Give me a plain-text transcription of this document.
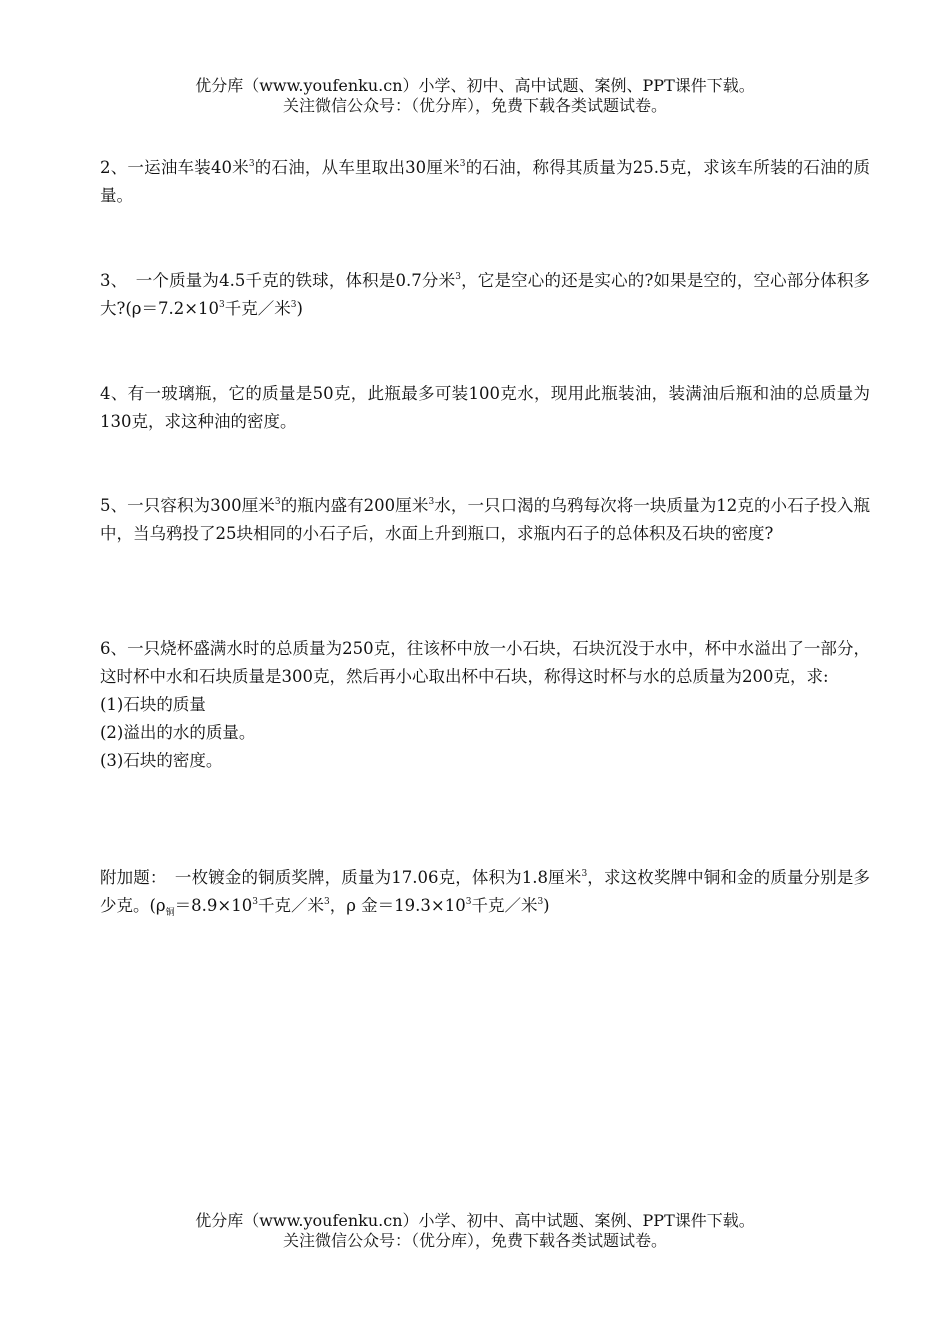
优分库（www.youfenku.cn）小学、初中、高中试题、案例、PPT课件下载。
关注微信公众号：（优分库），免费下载各类试题试卷。

2、一运油车装40米$^3$的石油，从车里取出30厘米$^3$的石油，称得其质量为25.5克，求该车所装的石油的质量。

3、　一个质量为4.5千克的铁球，体积是0.7分米$^3$，它是空心的还是实心的?如果是空的，空心部分体积多大$?(\rho=7.2\times 10^3$千克／米$^3$)

4、有一玻璃瓶，它的质量是50克，此瓶最多可装100克水，现用此瓶装油，装满油后瓶和油的总质量为130克，求这种油的密度。

5、一只容积为300厘米$^3$的瓶内盛有200厘米$^3$水，一只口渴的乌鸦每次将一块质量为12克的小石子投入瓶中，当乌鸦投了25块相同的小石子后，水面上升到瓶口，求瓶内石子的总体积及石块的密度?

6、一只烧杯盛满水时的总质量为250克，往该杯中放一小石块，石块沉没于水中，杯中水溢出了一部分，这时杯中水和石块质量是300克，然后再小心取出杯中石块，称得这时杯与水的总质量为200克，求:

(1)石块的质量

(2)溢出的水的质量。

(3)石块的密度。

附加题：　一枚镀金的铜质奖牌，质量为17.06克，体积为1.8厘米$^3$，求这枚奖牌中铜和金的质量分别是多少克。($\rho_铜=8.9\times 10^3$千克／米$^3$，ρ 金$=19.3\times 10^3$千克／米$^3$)

优分库（www.youfenku.cn）小学、初中、高中试题、案例、PPT课件下载。
关注微信公众号：（优分库），免费下载各类试题试卷。
